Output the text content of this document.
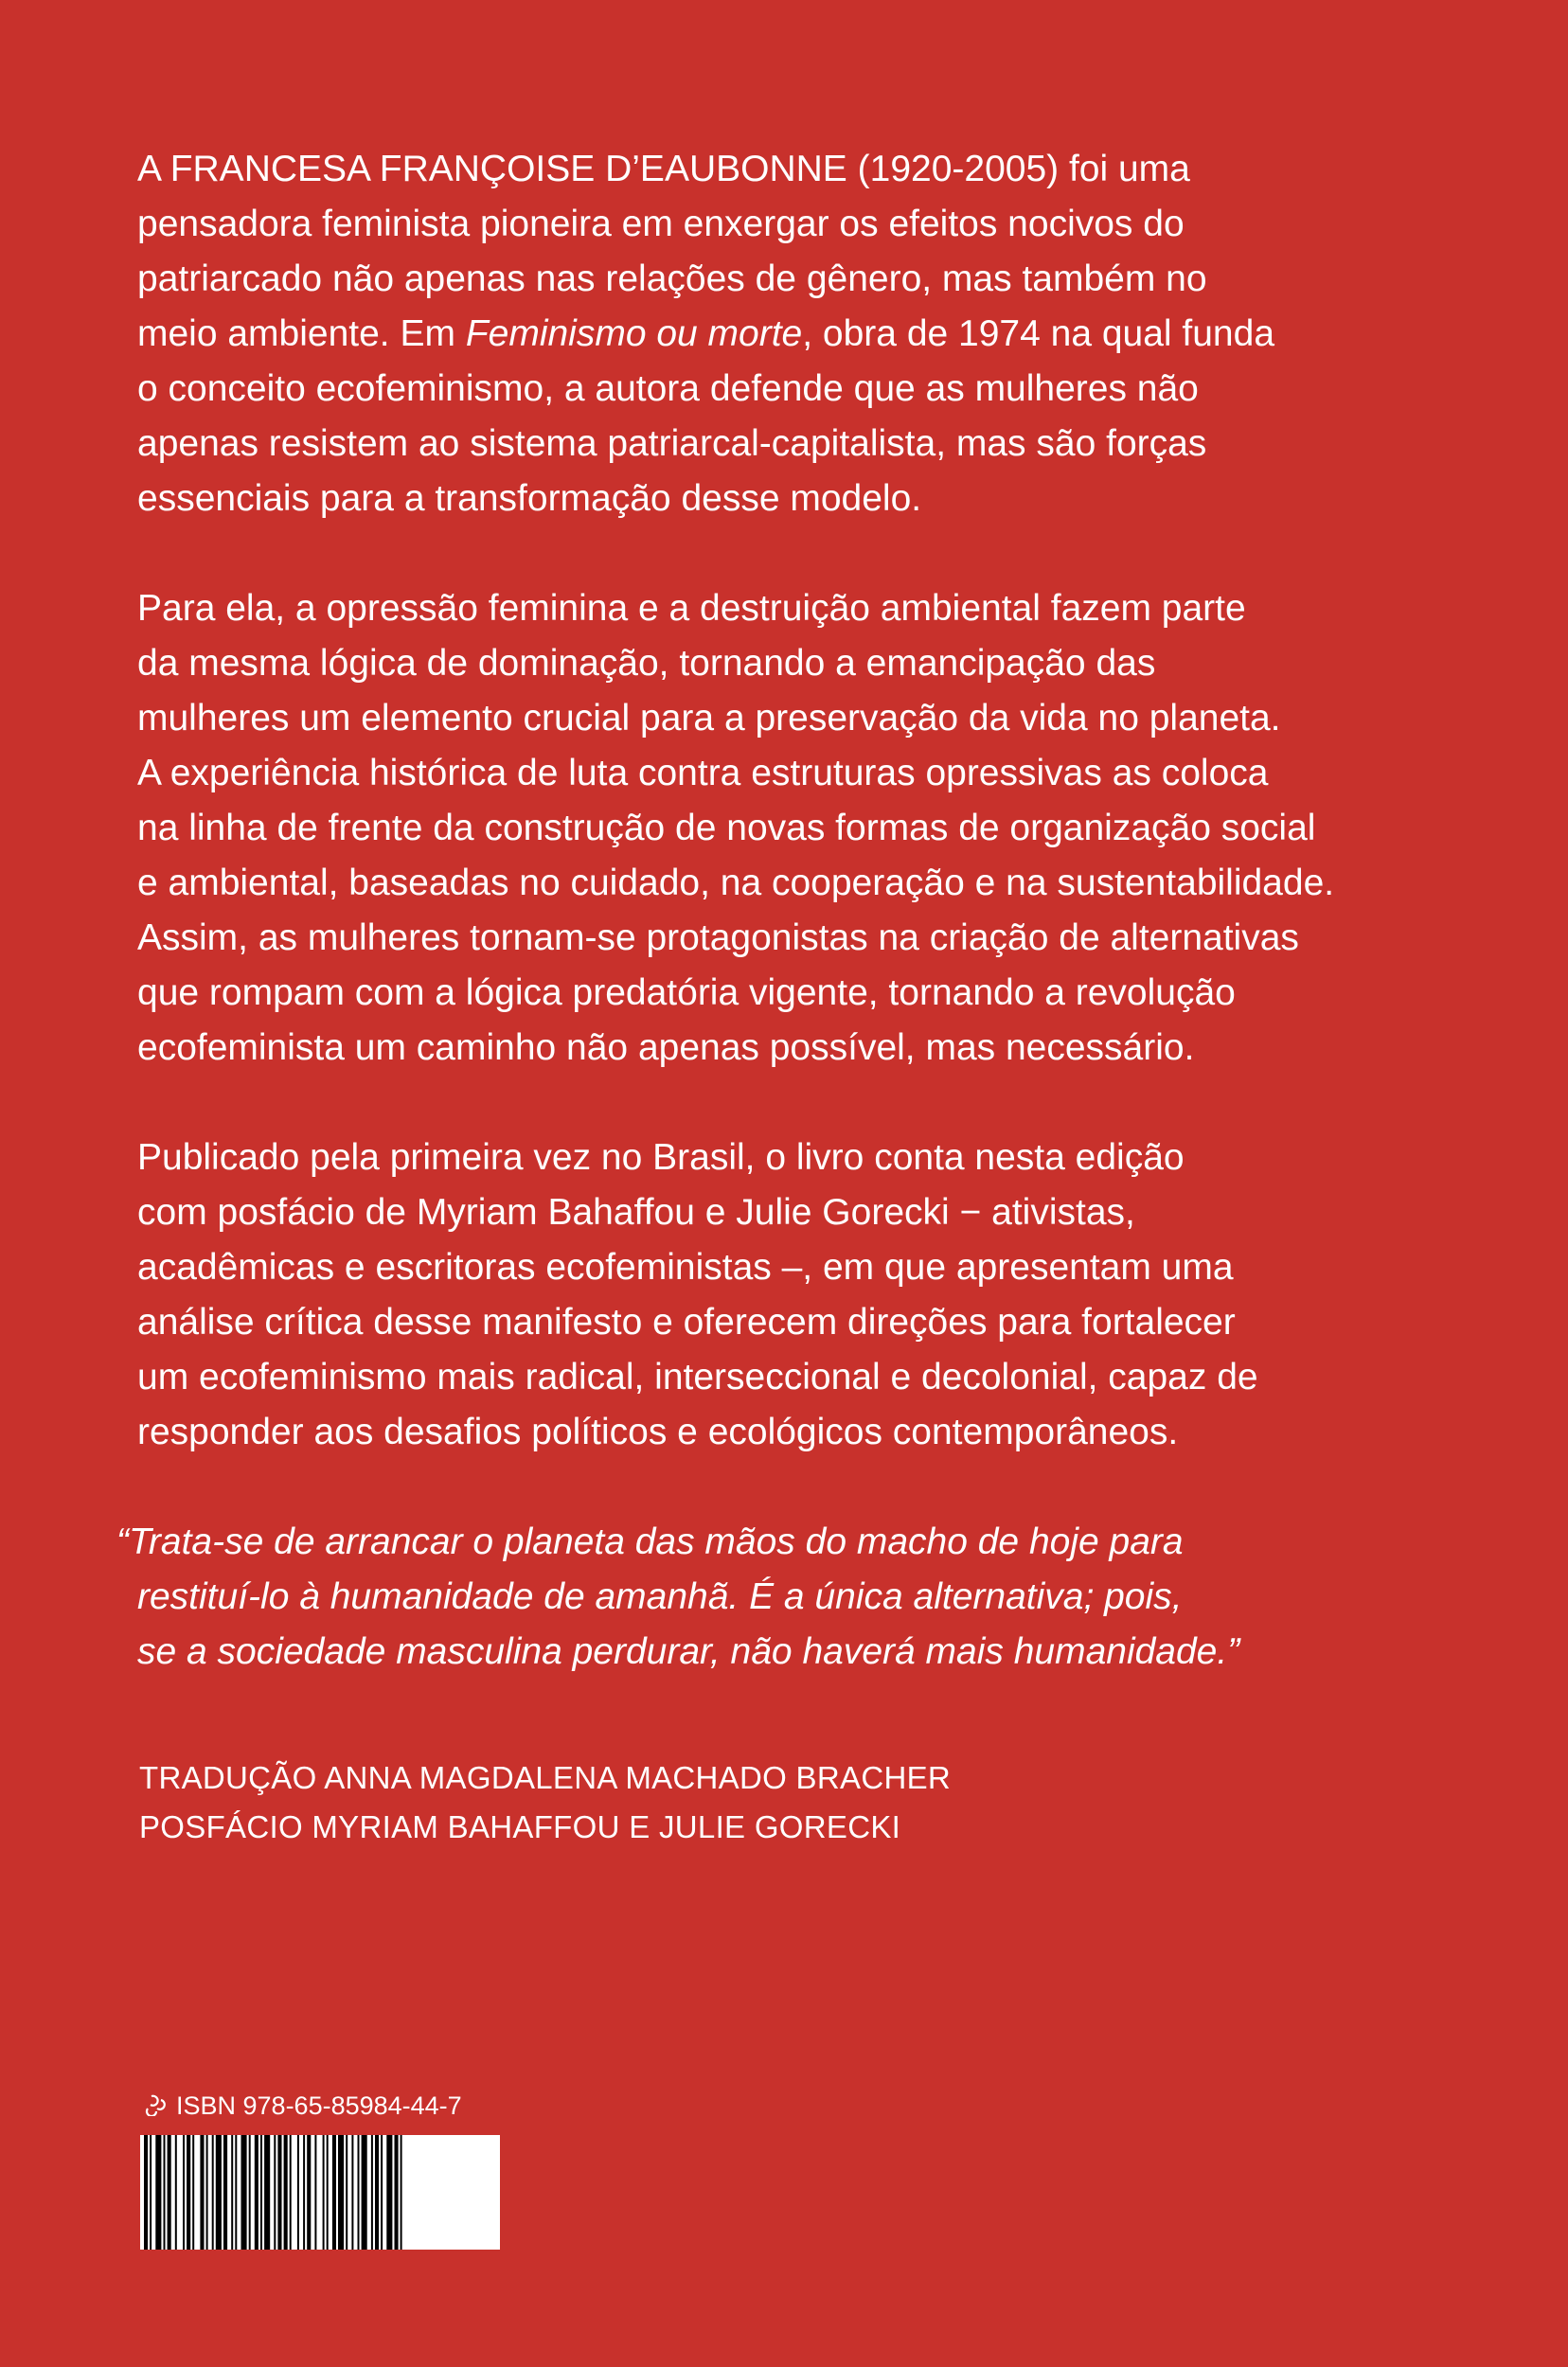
A FRANCESA FRANÇOISE D’EAUBONNE (1920-2005) foi uma
pensadora feminista pioneira em enxergar os efeitos nocivos do
patriarcado não apenas nas relações de gênero, mas também no
meio ambiente. Em Feminismo ou morte, obra de 1974 na qual funda
o conceito ecofeminismo, a autora defende que as mulheres não
apenas resistem ao sistema patriarcal-capitalista, mas são forças
essenciais para a transformação desse modelo.
Para ela, a opressão feminina e a destruição ambiental fazem parte
da mesma lógica de dominação, tornando a emancipação das
mulheres um elemento crucial para a preservação da vida no planeta.
A experiência histórica de luta contra estruturas opressivas as coloca
na linha de frente da construção de novas formas de organização social
e ambiental, baseadas no cuidado, na cooperação e na sustentabilidade.
Assim, as mulheres tornam-se protagonistas na criação de alternativas
que rompam com a lógica predatória vigente, tornando a revolução
ecofeminista um caminho não apenas possível, mas necessário.
Publicado pela primeira vez no Brasil, o livro conta nesta edição
com posfácio de Myriam Bahaffou e Julie Gorecki − ativistas,
acadêmicas e escritoras ecofeministas –, em que apresentam uma
análise crítica desse manifesto e oferecem direções para fortalecer
um ecofeminismo mais radical, interseccional e decolonial, capaz de
responder aos desafios políticos e ecológicos contemporâneos.
“Trata-se de arrancar o planeta das mãos do macho de hoje para
restituí-lo à humanidade de amanhã. É a única alternativa; pois,
se a sociedade masculina perdurar, não haverá mais humanidade.”
TRADUÇÃO ANNA MAGDALENA MACHADO BRACHER
POSFÁCIO MYRIAM BAHAFFOU E JULIE GORECKI
ISBN 978-65-85984-44-7
